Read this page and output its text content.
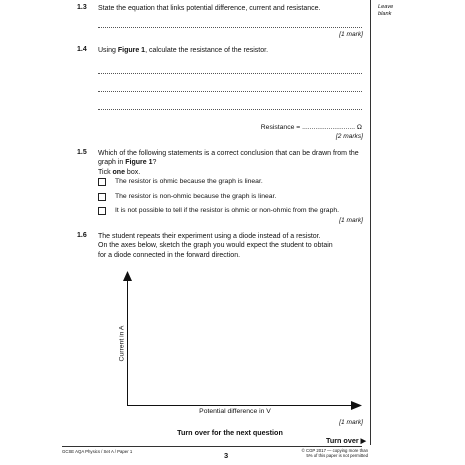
Leave
blank
1.3 State the equation that links potential difference, current and resistance.
[1 mark]
1.4 Using Figure 1, calculate the resistance of the resistor.
Resistance = ............................ Ω
[2 marks]
1.5 Which of the following statements is a correct conclusion that can be drawn from the
graph in Figure 1?
Tick one box.
The resistor is ohmic because the graph is linear.
The resistor is non-ohmic because the graph is linear.
It is not possible to tell if the resistor is ohmic or non-ohmic from the graph.
[1 mark]
1.6 The student repeats their experiment using a diode instead of a resistor.
On the axes below, sketch the graph you would expect the student to obtain
for a diode connected in the forward direction.
Current in A
Potential difference in V
[1 mark]
Turn over for the next question
Turn over ▶
GCSE AQA Physics / Set A / Paper 1	3
© CGP 2017 — copying more than
5% of this paper is not permitted
